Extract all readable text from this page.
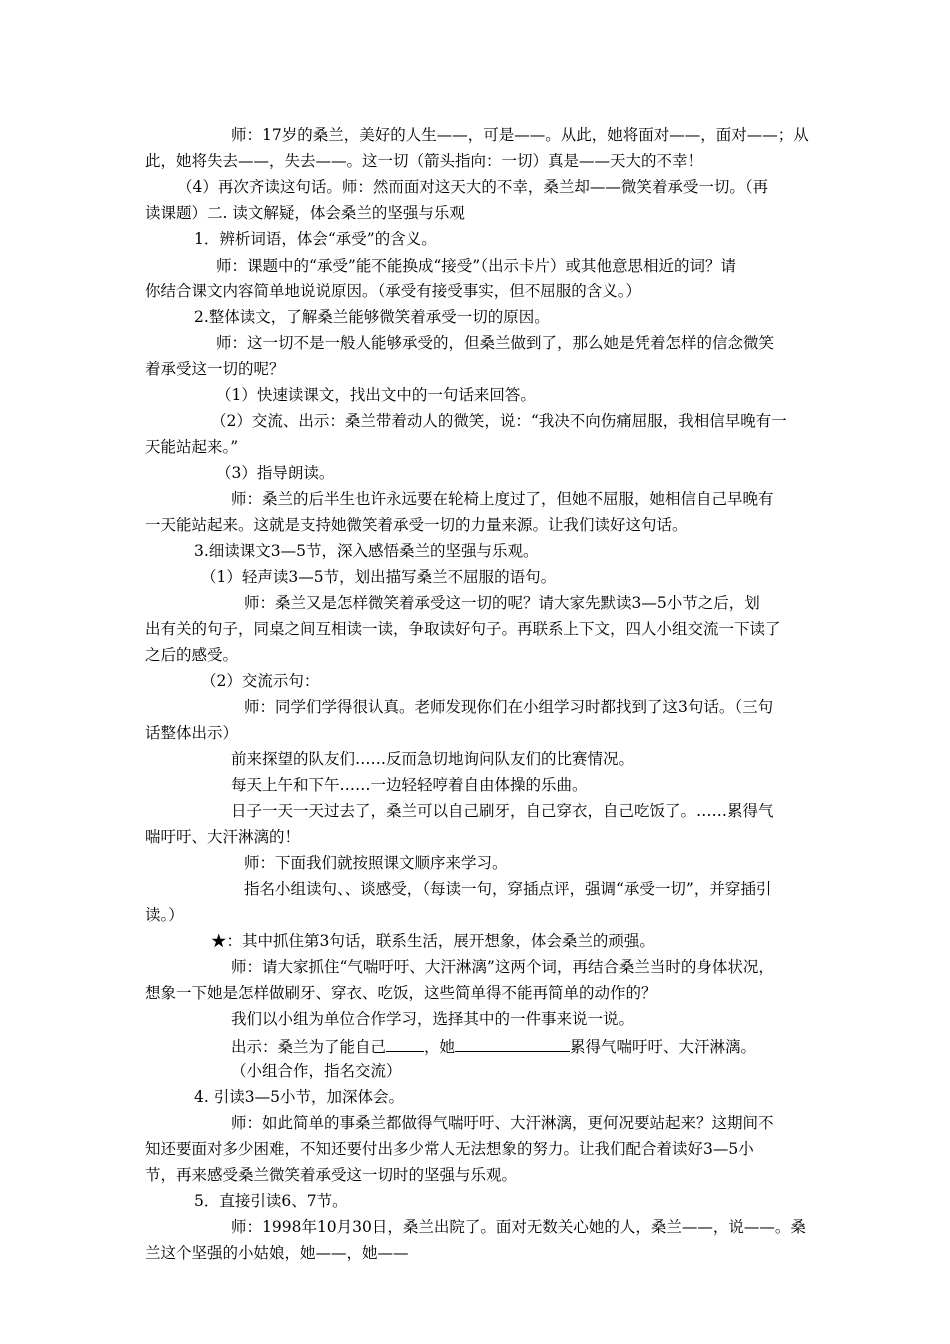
师：17岁的桑兰，美好的人生——，可是——。从此，她将面对——，面对——；从

此，她将失去——，失去——。这一切（箭头指向：一切）真是——天大的不幸！

（4）再次齐读这句话。师：然而面对这天大的不幸，桑兰却——微笑着承受一切。（再

读课题）二. 读文解疑，体会桑兰的坚强与乐观

1．辨析词语，体会“承受”的含义。

师：课题中的“承受”能不能换成“接受”（出示卡片）或其他意思相近的词？请

你结合课文内容简单地说说原因。（承受有接受事实，但不屈服的含义。）

2.整体读文，了解桑兰能够微笑着承受一切的原因。

师：这一切不是一般人能够承受的，但桑兰做到了，那么她是凭着怎样的信念微笑

着承受这一切的呢？

（1）快速读课文，找出文中的一句话来回答。

（2）交流、出示：桑兰带着动人的微笑，说：“我决不向伤痛屈服，我相信早晚有一

天能站起来。”

（3）指导朗读。

师：桑兰的后半生也许永远要在轮椅上度过了，但她不屈服，她相信自己早晚有

一天能站起来。这就是支持她微笑着承受一切的力量来源。让我们读好这句话。

3.细读课文3—5节，深入感悟桑兰的坚强与乐观。

（1）轻声读3—5节，划出描写桑兰不屈服的语句。

师：桑兰又是怎样微笑着承受这一切的呢？请大家先默读3—5小节之后，划

出有关的句子，同桌之间互相读一读，争取读好句子。再联系上下文，四人小组交流一下读了

之后的感受。

（2）交流示句：

师：同学们学得很认真。老师发现你们在小组学习时都找到了这3句话。（三句

话整体出示）

前来探望的队友们……反而急切地询问队友们的比赛情况。

每天上午和下午……一边轻轻哼着自由体操的乐曲。

日子一天一天过去了，桑兰可以自己刷牙，自己穿衣，自己吃饭了。……累得气

喘吁吁、大汗淋漓的！

师：下面我们就按照课文顺序来学习。

指名小组读句、、谈感受，（每读一句，穿插点评，强调“承受一切”，并穿插引

读。）

★：其中抓住第3句话，联系生活，展开想象，体会桑兰的顽强。

师：请大家抓住“气喘吁吁、大汗淋漓”这两个词，再结合桑兰当时的身体状况，

想象一下她是怎样做刷牙、穿衣、吃饭，这些简单得不能再简单的动作的？

我们以小组为单位合作学习，选择其中的一件事来说一说。

出示：桑兰为了能自己 ，她	累得气喘吁吁、大汗淋漓。

（小组合作，指名交流）

4. 引读3—5小节，加深体会。

师：如此简单的事桑兰都做得气喘吁吁、大汗淋漓，更何况要站起来？这期间不

知还要面对多少困难，不知还要付出多少常人无法想象的努力。让我们配合着读好3—5小

节，再来感受桑兰微笑着承受这一切时的坚强与乐观。

5．直接引读6、7节。

师：1998年10月30日，桑兰出院了。面对无数关心她的人，桑兰——，说——。桑

兰这个坚强的小姑娘，她——，她——
